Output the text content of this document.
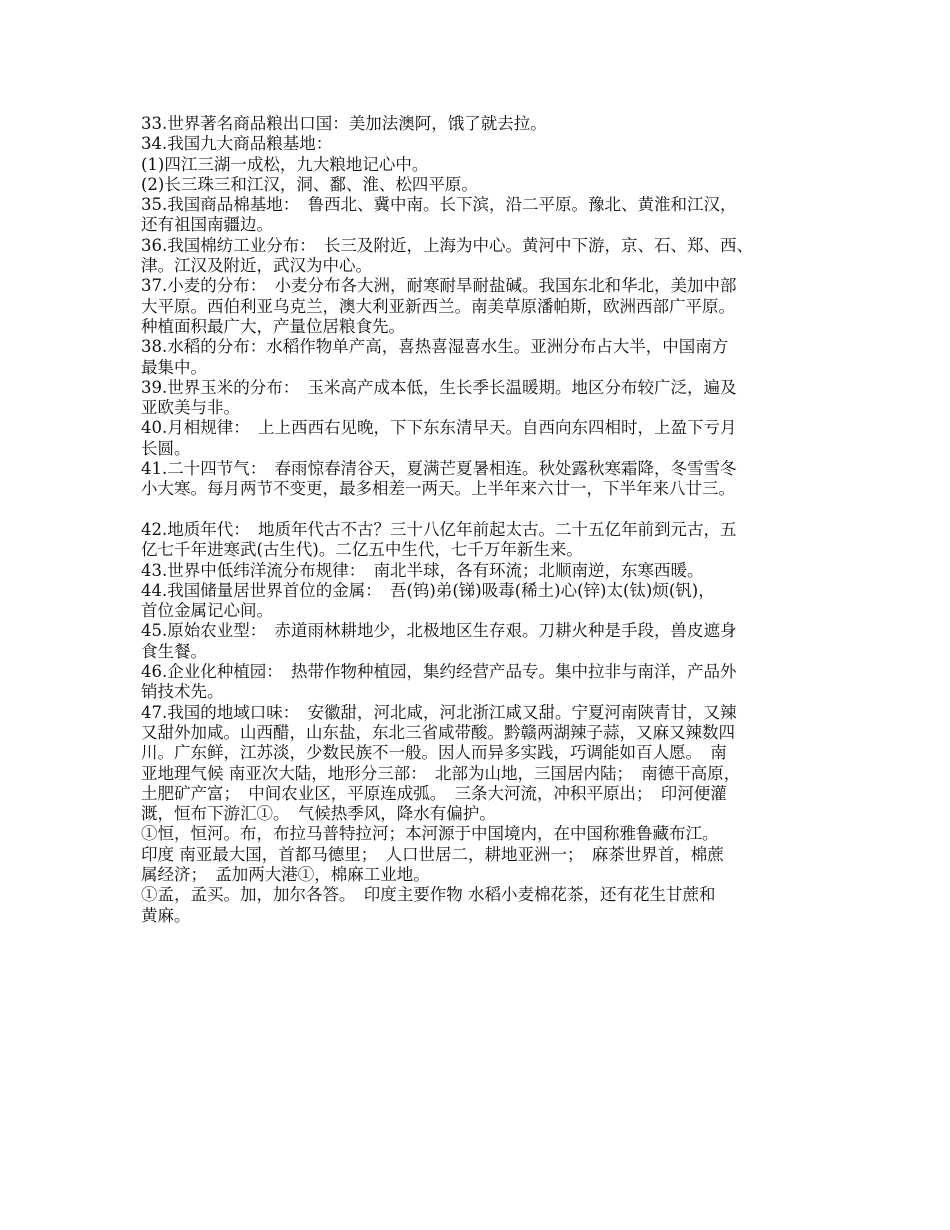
33.世界著名商品粮出口国：美加法澳阿，饿了就去拉。
34.我国九大商品粮基地：
(1)四江三湖一成松，九大粮地记心中。
(2)长三珠三和江汉，洞、鄱、淮、松四平原。
35.我国商品棉基地：　鲁西北、冀中南。长下滨，沿二平原。豫北、黄淮和江汉，
还有祖国南疆边。
36.我国棉纺工业分布：　长三及附近，上海为中心。黄河中下游，京、石、郑、西、
津。江汉及附近，武汉为中心。
37.小麦的分布：　小麦分布各大洲，耐寒耐旱耐盐碱。我国东北和华北，美加中部
大平原。西伯利亚乌克兰，澳大利亚新西兰。南美草原潘帕斯，欧洲西部广平原。
种植面积最广大，产量位居粮食先。
38.水稻的分布：水稻作物单产高，喜热喜湿喜水生。亚洲分布占大半，中国南方
最集中。
39.世界玉米的分布：　玉米高产成本低，生长季长温暖期。地区分布较广泛，遍及
亚欧美与非。
40.月相规律：　上上西西右见晚，下下东东清早天。自西向东四相时，上盈下亏月
长圆。
41.二十四节气：　春雨惊春清谷天，夏满芒夏暑相连。秋处露秋寒霜降，冬雪雪冬
小大寒。每月两节不变更，最多相差一两天。上半年来六廿一，下半年来八廿三。
42.地质年代：　地质年代古不古？三十八亿年前起太古。二十五亿年前到元古，五
亿七千年进寒武(古生代)。二亿五中生代，七千万年新生来。
43.世界中低纬洋流分布规律：　南北半球，各有环流；北顺南逆，东寒西暖。
44.我国储量居世界首位的金属：　吾(钨)弟(锑)吸毒(稀土)心(锌)太(钛)烦(钒)，
首位金属记心间。
45.原始农业型：　赤道雨林耕地少，北极地区生存艰。刀耕火种是手段，兽皮遮身
食生餐。
46.企业化种植园：　热带作物种植园，集约经营产品专。集中拉非与南洋，产品外
销技术先。
47.我国的地域口味：　安徽甜，河北咸，河北浙江咸又甜。宁夏河南陕青甘，又辣
又甜外加咸。山西醋，山东盐，东北三省咸带酸。黔赣两湖辣子蒜，又麻又辣数四
川。广东鲜，江苏淡，少数民族不一般。因人而异多实践，巧调能如百人愿。　南
亚地理气候 南亚次大陆，地形分三部：　北部为山地，三国居内陆；　南德干高原，
土肥矿产富；　中间农业区，平原连成弧。　三条大河流，冲积平原出；　印河便灌
溉，恒布下游汇①。　气候热季风，降水有偏护。
①恒，恒河。布，布拉马普特拉河；本河源于中国境内，在中国称雅鲁藏布江。
印度 南亚最大国，首都马德里；　人口世居二，耕地亚洲一；　麻茶世界首，棉蔗
属经济；　孟加两大港①，棉麻工业地。
①孟，孟买。加，加尔各答。　印度主要作物 水稻小麦棉花茶，还有花生甘蔗和
黄麻。
